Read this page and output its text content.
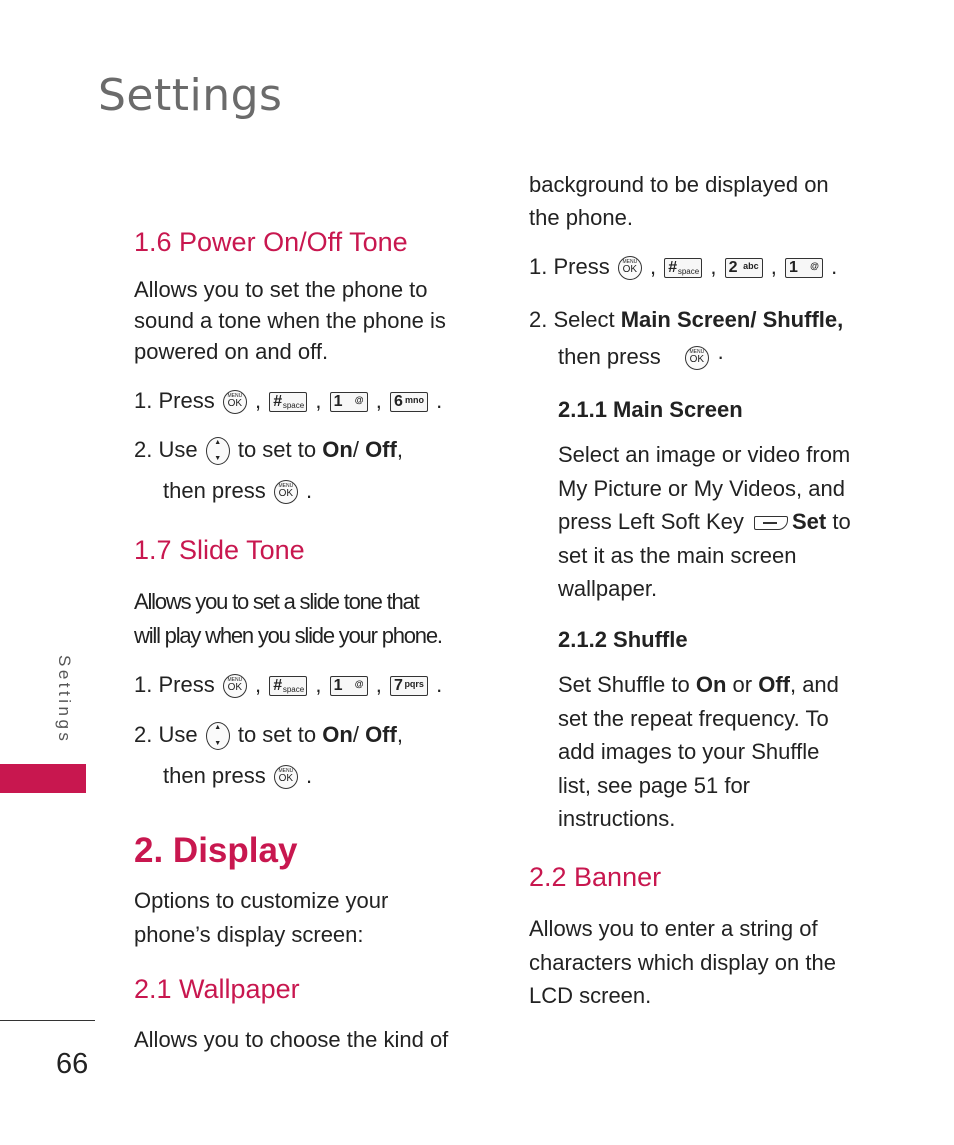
Settings
Settings
66
1.6 Power On/Off Tone
Allows you to set the phone to
sound a tone when the phone is
powered on and off.
1. Press	MENU
OK , # space , 1 @ , 6 mno .
2. Use	▲
▼ to set to On/ Off,
then press	MENU
OK .
1.7 Slide Tone
Allows you to set a slide tone that
will play when you slide your phone.
1. Press	MENU
OK , # space , 1 @ , 7 pqrs .
2. Use	▲
▼ to set to On/ Off,
then press	MENU
OK .
2. Display
Options to customize your
phone’s display screen:
2.1 Wallpaper
Allows you to choose the kind of
background to be displayed on
the phone.
1. Press	MENU
OK , # space , 2 abc , 1 @ .
2. Select Main Screen/ Shuffle,
then press	MENU
OK ·
2.1.1 Main Screen
Select an image or video from
My Picture or My Videos, and
press Left Soft Key Set to
set it as the main screen
wallpaper.
2.1.2 Shuffle
Set Shuffle to On or Off, and
set the repeat frequency. To
add images to your Shuffle
list, see page 51 for
instructions.
2.2 Banner
Allows you to enter a string of
characters which display on the
LCD screen.
